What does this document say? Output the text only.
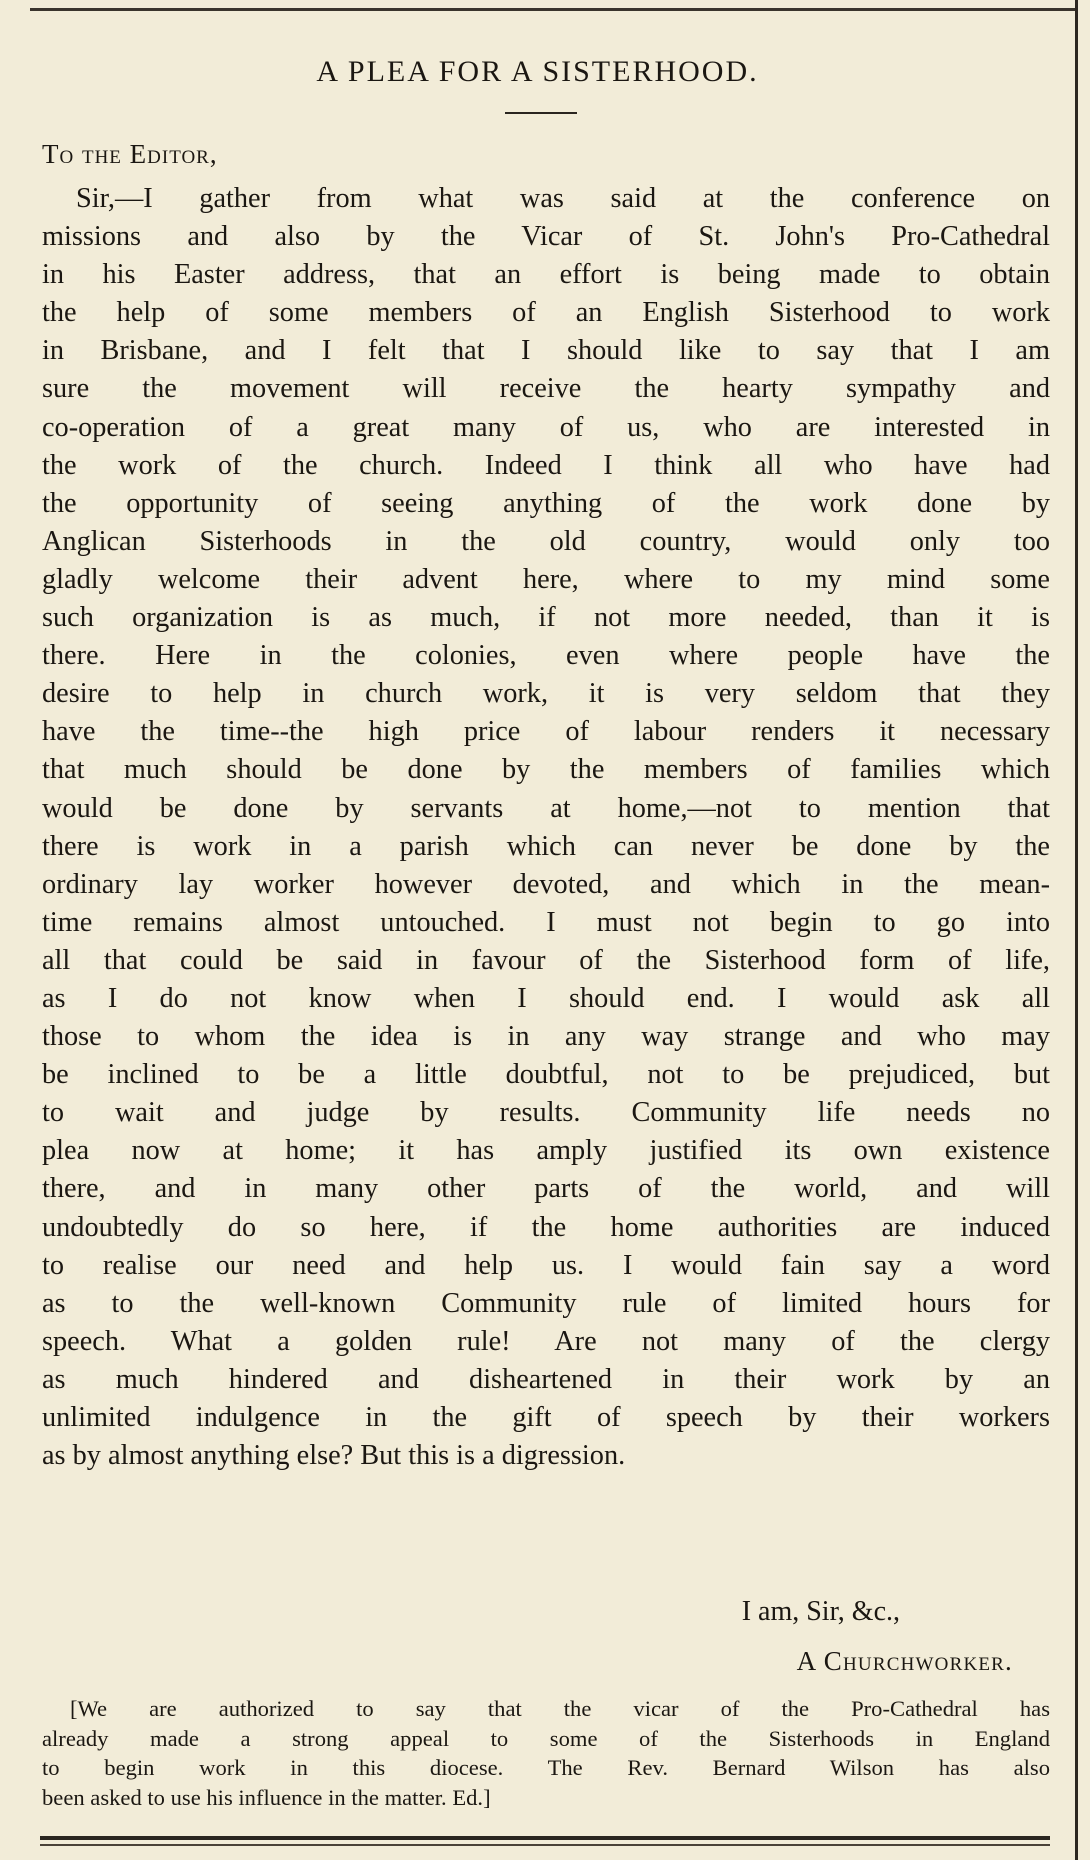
A PLEA FOR A SISTERHOOD.
To the Editor,
Sir,—I gather from what was said at the conference on
missions and also by the Vicar of St. John's Pro-Cathedral
in his Easter address, that an effort is being made to obtain
the help of some members of an English Sisterhood to work
in Brisbane, and I felt that I should like to say that I am
sure the movement will receive the hearty sympathy and
co-operation of a great many of us, who are interested in
the work of the church. Indeed I think all who have had
the opportunity of seeing anything of the work done by
Anglican Sisterhoods in the old country, would only too
gladly welcome their advent here, where to my mind some
such organization is as much, if not more needed, than it is
there. Here in the colonies, even where people have the
desire to help in church work, it is very seldom that they
have the time--the high price of labour renders it necessary
that much should be done by the members of families which
would be done by servants at home,—not to mention that
there is work in a parish which can never be done by the
ordinary lay worker however devoted, and which in the mean-
time remains almost untouched. I must not begin to go into
all that could be said in favour of the Sisterhood form of life,
as I do not know when I should end. I would ask all
those to whom the idea is in any way strange and who may
be inclined to be a little doubtful, not to be prejudiced, but
to wait and judge by results. Community life needs no
plea now at home; it has amply justified its own existence
there, and in many other parts of the world, and will
undoubtedly do so here, if the home authorities are induced
to realise our need and help us. I would fain say a word
as to the well-known Community rule of limited hours for
speech. What a golden rule! Are not many of the clergy
as much hindered and disheartened in their work by an
unlimited indulgence in the gift of speech by their workers
as by almost anything else? But this is a digression.
I am, Sir, &c.,
A Churchworker.
[We are authorized to say that the vicar of the Pro-Cathedral has
already made a strong appeal to some of the Sisterhoods in England
to begin work in this diocese. The Rev. Bernard Wilson has also
been asked to use his influence in the matter. Ed.]
